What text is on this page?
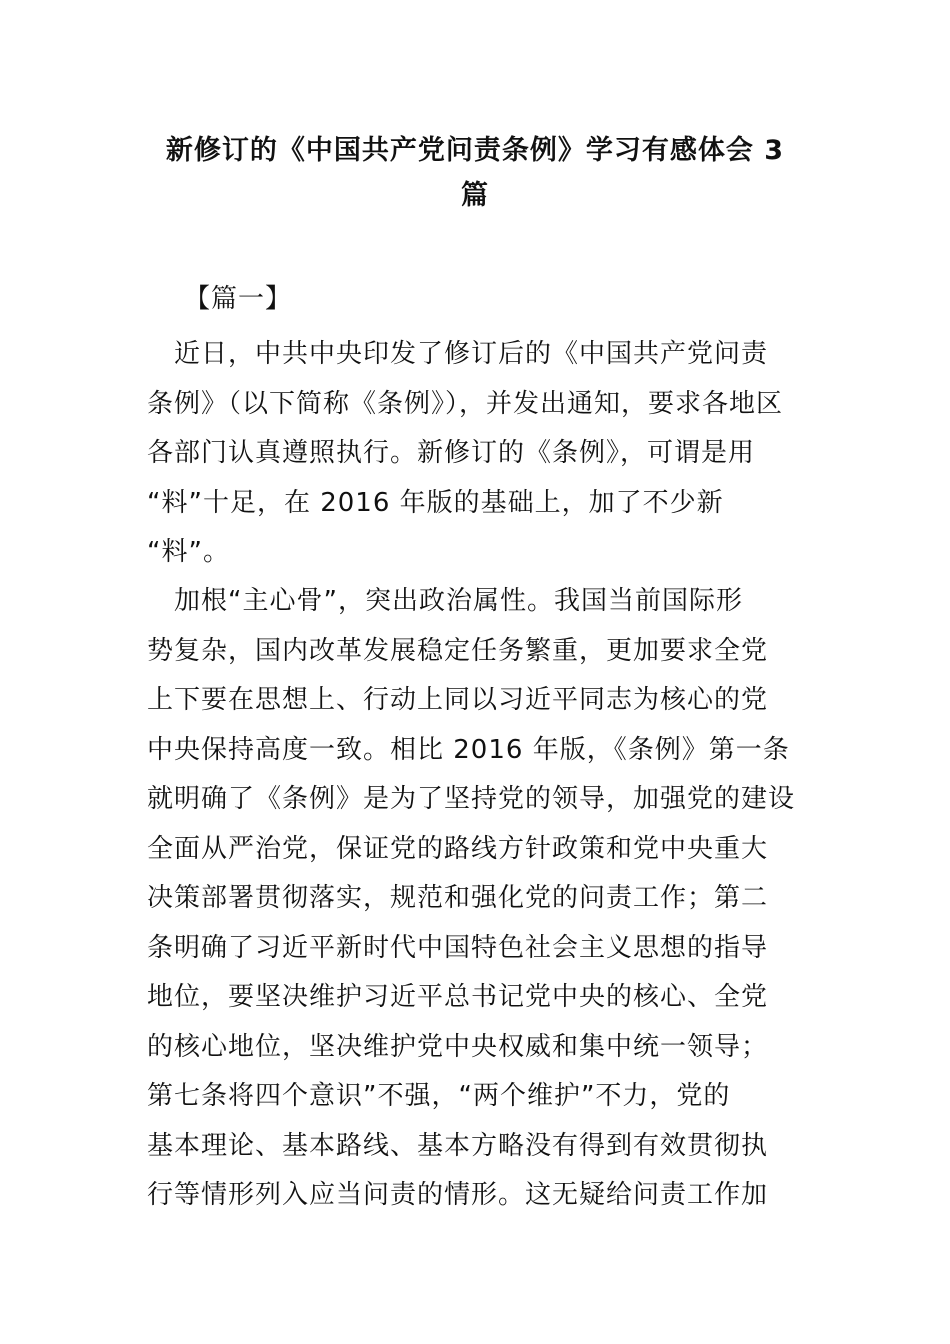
新修订的《中国共产党问责条例》学习有感体会 3
篇
【篇一】
　近日，中共中央印发了修订后的《中国共产党问责
条例》（以下简称《条例》），并发出通知，要求各地区
各部门认真遵照执行。新修订的《条例》，可谓是用
“料”十足，在 2016 年版的基础上，加了不少新
“料”。
　加根“主心骨”，突出政治属性。我国当前国际形
势复杂，国内改革发展稳定任务繁重，更加要求全党
上下要在思想上、行动上同以习近平同志为核心的党
中央保持高度一致。相比 2016 年版，《条例》第一条
就明确了《条例》是为了坚持党的领导，加强党的建设
全面从严治党，保证党的路线方针政策和党中央重大
决策部署贯彻落实，规范和强化党的问责工作；第二
条明确了习近平新时代中国特色社会主义思想的指导
地位，要坚决维护习近平总书记党中央的核心、全党
的核心地位，坚决维护党中央权威和集中统一领导；
第七条将四个意识”不强，“两个维护”不力，党的
基本理论、基本路线、基本方略没有得到有效贯彻执
行等情形列入应当问责的情形。这无疑给问责工作加
